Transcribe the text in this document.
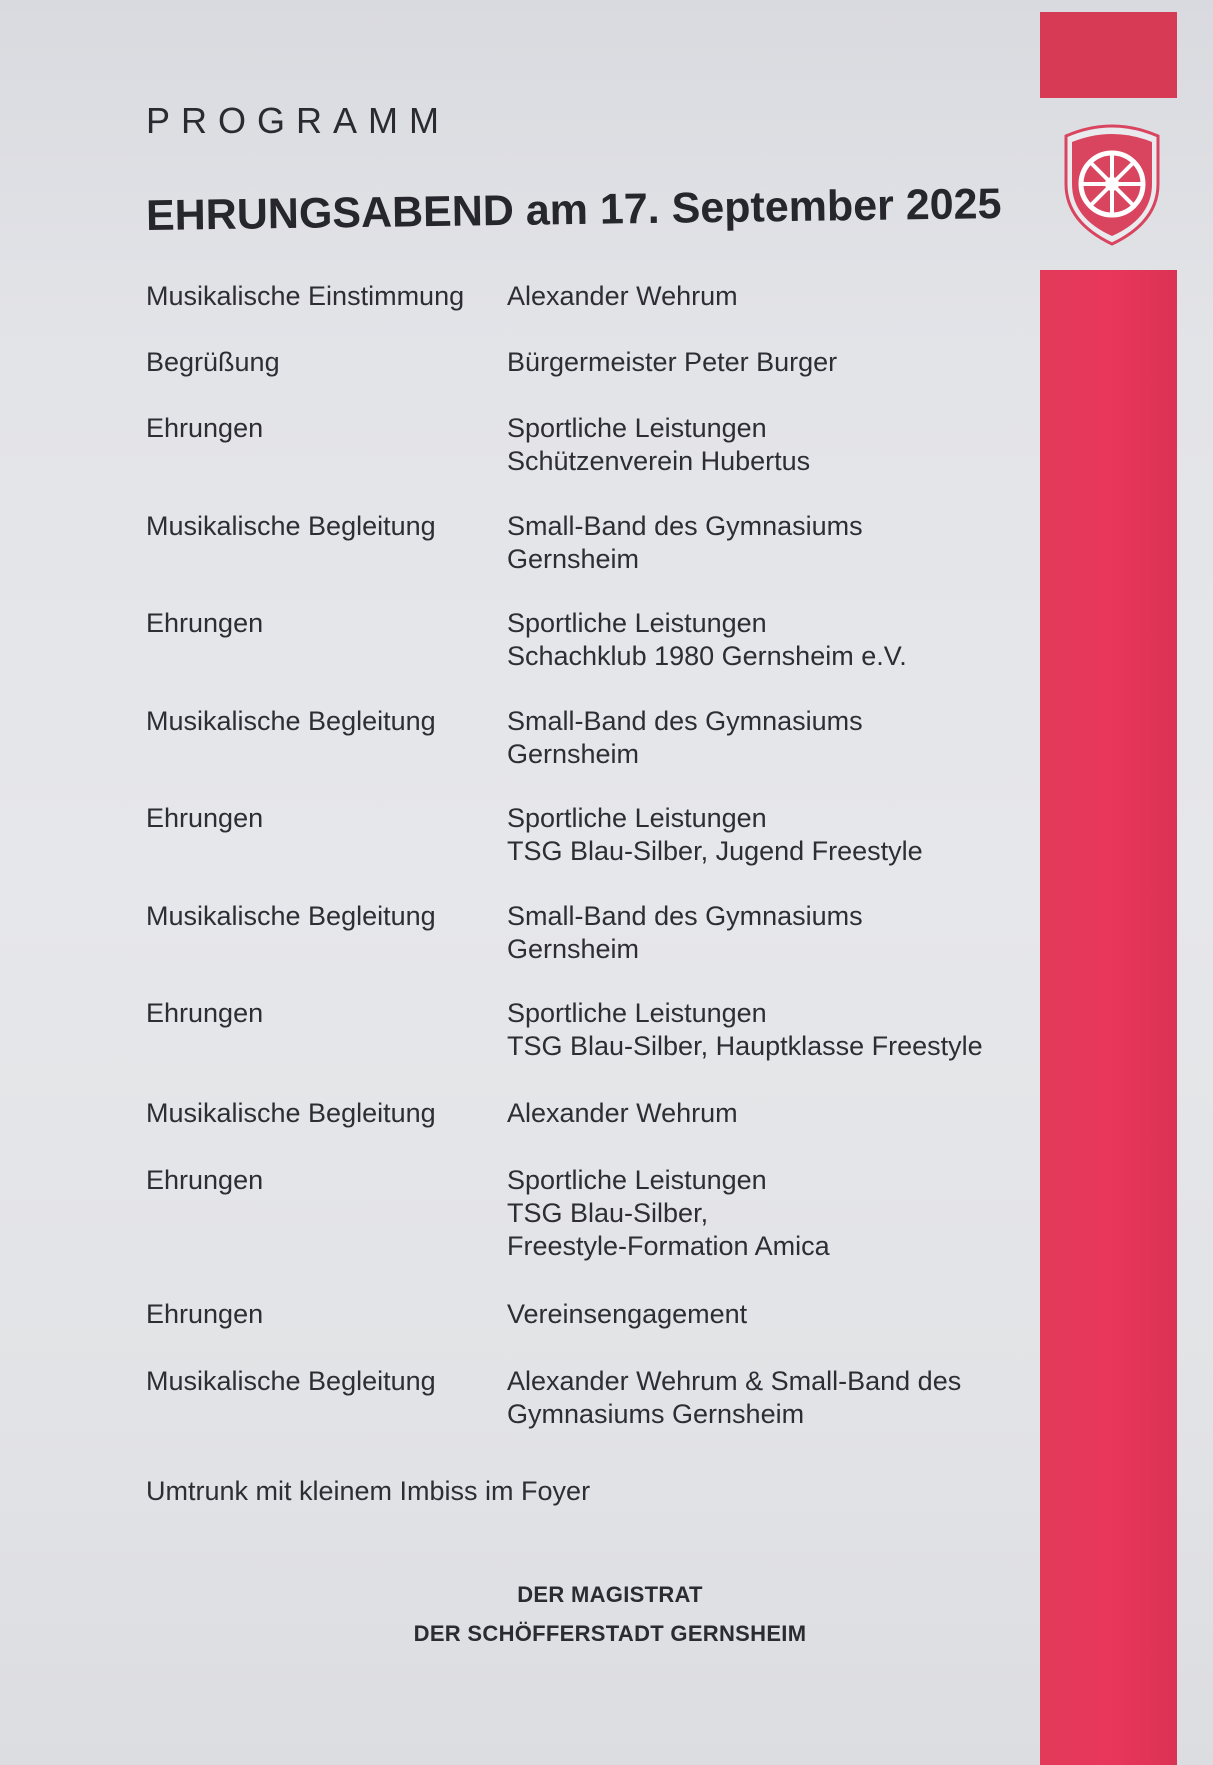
PROGRAMM
EHRUNGSABEND am 17. September 2025
Musikalische Einstimmung	Alexander Wehrum
Begrüßung	Bürgermeister Peter Burger
Ehrungen	Sportliche Leistungen
Schützenverein Hubertus
Musikalische Begleitung	Small-Band des Gymnasiums
Gernsheim
Ehrungen	Sportliche Leistungen
Schachklub 1980 Gernsheim e.V.
Musikalische Begleitung	Small-Band des Gymnasiums
Gernsheim
Ehrungen	Sportliche Leistungen
TSG Blau-Silber, Jugend Freestyle
Musikalische Begleitung	Small-Band des Gymnasiums
Gernsheim
Ehrungen	Sportliche Leistungen
TSG Blau-Silber, Hauptklasse Freestyle
Musikalische Begleitung	Alexander Wehrum
Ehrungen	Sportliche Leistungen
TSG Blau-Silber,
Freestyle-Formation Amica
Ehrungen	Vereinsengagement
Musikalische Begleitung	Alexander Wehrum & Small-Band des
Gymnasiums Gernsheim
Umtrunk mit kleinem Imbiss im Foyer
DER MAGISTRAT
DER SCHÖFFERSTADT GERNSHEIM
